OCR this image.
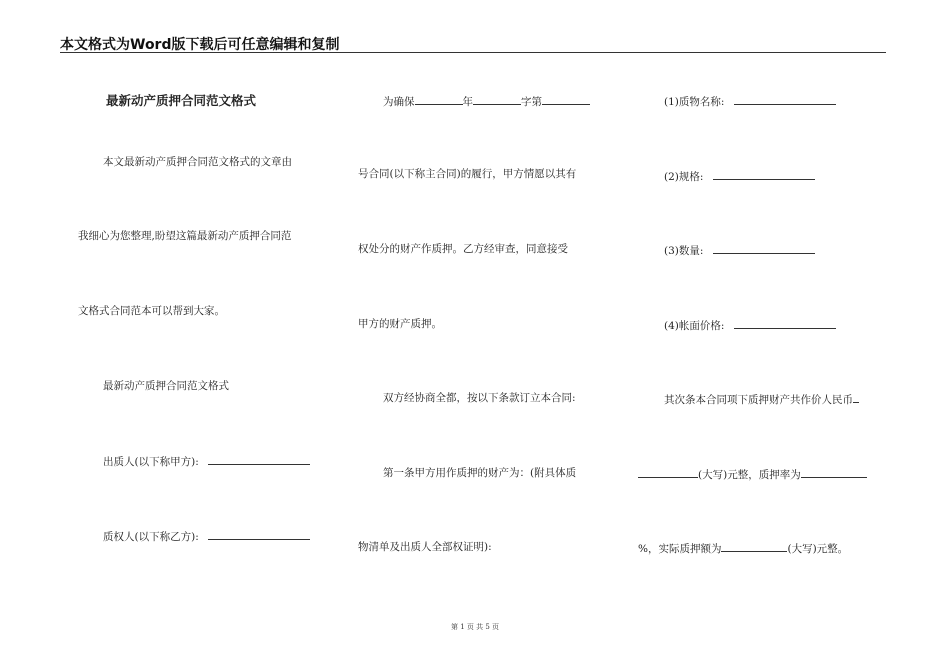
本文格式为Word版下载后可任意编辑和复制
最新动产质押合同范文格式
本文最新动产质押合同范文格式的文章由
我细心为您整理,盼望这篇最新动产质押合同范
文格式合同范本可以帮到大家。
最新动产质押合同范文格式
出质人(以下称甲方):
质权人(以下称乙方):
为确保	年	字第
号合同(以下称主合同)的履行，甲方情愿以其有
权处分的财产作质押。乙方经审查，同意接受
甲方的财产质押。
双方经协商全都，按以下条款订立本合同:
第一条甲方用作质押的财产为：(附具体质
物清单及出质人全部权证明):
(1)质物名称:
(2)规格:
(3)数量:
(4)帐面价格:
其次条本合同项下质押财产共作价人民币
(大写)元整，质押率为
%，实际质押额为	(大写)元整。
第 1 页 共 5 页
